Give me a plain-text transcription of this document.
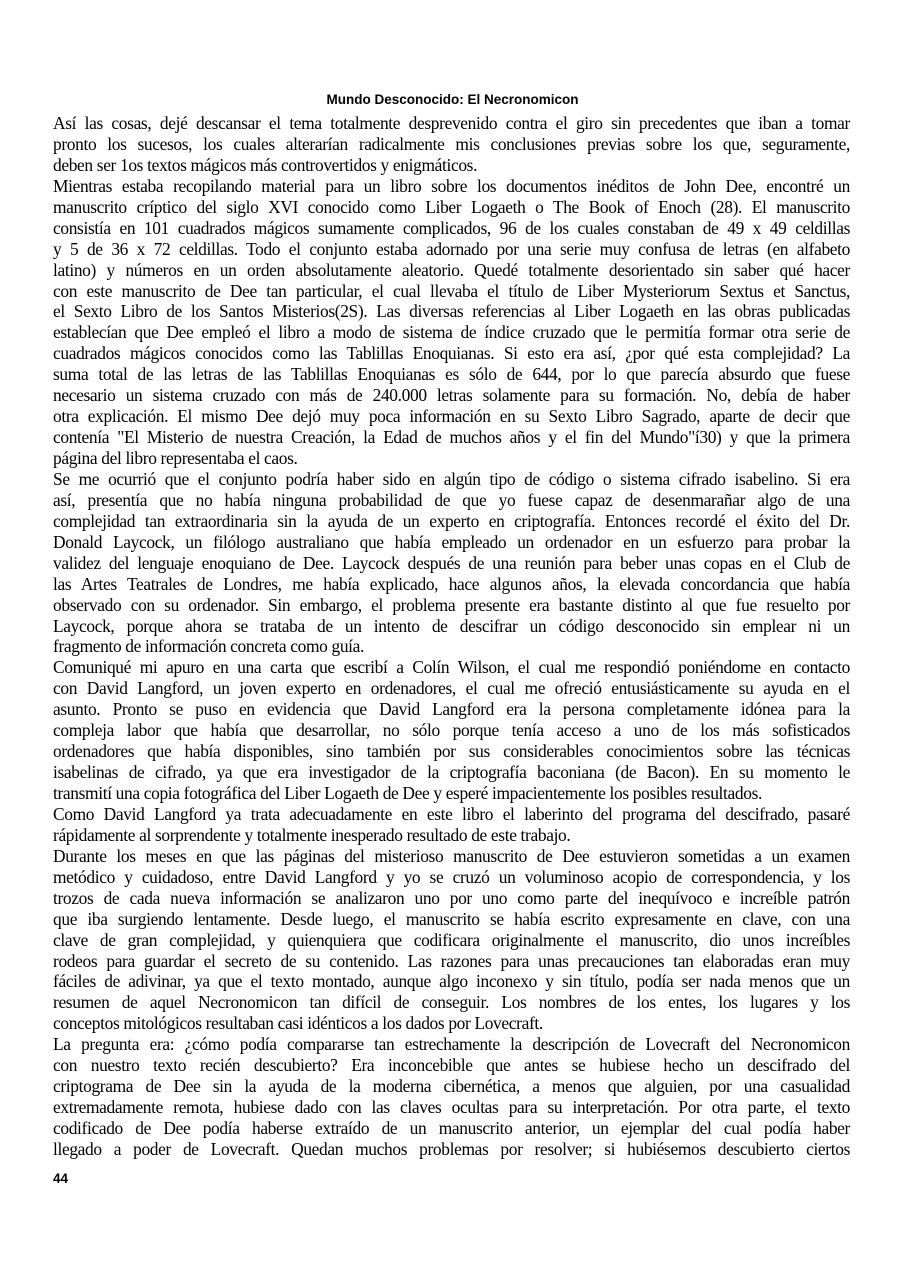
Mundo Desconocido: El Necronomicon
Así las cosas, dejé descansar el tema totalmente desprevenido contra el giro sin precedentes que iban a tomar
pronto los sucesos, los cuales alterarían radicalmente mis conclusiones previas sobre los que, seguramente,
deben ser 1os textos mágicos más controvertidos y enigmáticos.
Mientras estaba recopilando material para un libro sobre los documentos inéditos de John Dee, encontré un
manuscrito críptico del siglo XVI conocido como Liber Logaeth o The Book of Enoch (28). El manuscrito
consistía en 101 cuadrados mágicos sumamente complicados, 96 de los cuales constaban de 49 x 49 celdillas
y 5 de 36 x 72 celdillas. Todo el conjunto estaba adornado por una serie muy confusa de letras (en alfabeto
latino) y números en un orden absolutamente aleatorio. Quedé totalmente desorientado sin saber qué hacer
con este manuscrito de Dee tan particular, el cual llevaba el título de Liber Mysteriorum Sextus et Sanctus,
el Sexto Libro de los Santos Misterios(2S). Las diversas referencias al Liber Logaeth en las obras publicadas
establecían que Dee empleó el libro a modo de sistema de índice cruzado que le permitía formar otra serie de
cuadrados mágicos conocidos como las Tablillas Enoquianas. Si esto era así, ¿por qué esta complejidad? La
suma total de las letras de las Tablillas Enoquianas es sólo de 644, por lo que parecía absurdo que fuese
necesario un sistema cruzado con más de 240.000 letras solamente para su formación. No, debía de haber
otra explicación. El mismo Dee dejó muy poca información en su Sexto Libro Sagrado, aparte de decir que
contenía "El Misterio de nuestra Creación, la Edad de muchos años y el fin del Mundo"í30) y que la primera
página del libro representaba el caos.
Se me ocurrió que el conjunto podría haber sido en algún tipo de código o sistema cifrado isabelino. Si era
así, presentía que no había ninguna probabilidad de que yo fuese capaz de desenmarañar algo de una
complejidad tan extraordinaria sin la ayuda de un experto en criptografía. Entonces recordé el éxito del Dr.
Donald Laycock, un filólogo australiano que había empleado un ordenador en un esfuerzo para probar la
validez del lenguaje enoquiano de Dee. Laycock después de una reunión para beber unas copas en el Club de
las Artes Teatrales de Londres, me había explicado, hace algunos años, la elevada concordancia que había
observado con su ordenador. Sin embargo, el problema presente era bastante distinto al que fue resuelto por
Laycock, porque ahora se trataba de un intento de descifrar un código desconocido sin emplear ni un
fragmento de información concreta como guía.
Comuniqué mi apuro en una carta que escribí a Colín Wilson, el cual me respondió poniéndome en contacto
con David Langford, un joven experto en ordenadores, el cual me ofreció entusiásticamente su ayuda en el
asunto. Pronto se puso en evidencia que David Langford era la persona completamente idónea para la
compleja labor que había que desarrollar, no sólo porque tenía acceso a uno de los más sofisticados
ordenadores que había disponibles, sino también por sus considerables conocimientos sobre las técnicas
isabelinas de cifrado, ya que era investigador de la criptografía baconiana (de Bacon). En su momento le
transmití una copia fotográfica del Liber Logaeth de Dee y esperé impacientemente los posibles resultados.
Como David Langford ya trata adecuadamente en este libro el laberinto del programa del descifrado, pasaré
rápidamente al sorprendente y totalmente inesperado resultado de este trabajo.
Durante los meses en que las páginas del misterioso manuscrito de Dee estuvieron sometidas a un examen
metódico y cuidadoso, entre David Langford y yo se cruzó un voluminoso acopio de correspondencia, y los
trozos de cada nueva información se analizaron uno por uno como parte del inequívoco e increíble patrón
que iba surgiendo lentamente. Desde luego, el manuscrito se había escrito expresamente en clave, con una
clave de gran complejidad, y quienquiera que codificara originalmente el manuscrito, dio unos increíbles
rodeos para guardar el secreto de su contenido. Las razones para unas precauciones tan elaboradas eran muy
fáciles de adivinar, ya que el texto montado, aunque algo inconexo y sin título, podía ser nada menos que un
resumen de aquel Necronomicon tan difícil de conseguir. Los nombres de los entes, los lugares y los
conceptos mitológicos resultaban casi idénticos a los dados por Lovecraft.
La pregunta era: ¿cómo podía compararse tan estrechamente la descripción de Lovecraft del Necronomicon
con nuestro texto recién descubierto? Era inconcebible que antes se hubiese hecho un descifrado del
criptograma de Dee sin la ayuda de la moderna cibernética, a menos que alguien, por una casualidad
extremadamente remota, hubiese dado con las claves ocultas para su interpretación. Por otra parte, el texto
codificado de Dee podía haberse extraído de un manuscrito anterior, un ejemplar del cual podía haber
llegado a poder de Lovecraft. Quedan muchos problemas por resolver; si hubiésemos descubierto ciertos
44
